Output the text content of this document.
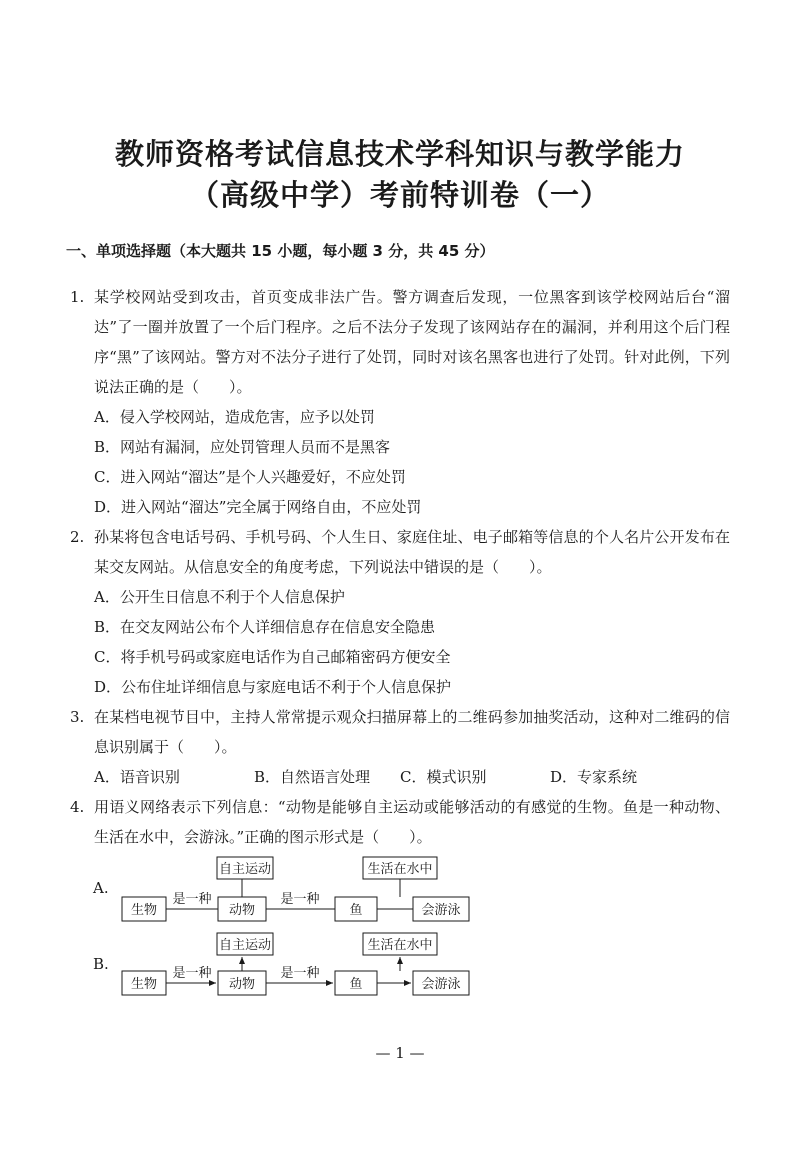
教师资格考试信息技术学科知识与教学能力
（高级中学）考前特训卷（一）
一、单项选择题（本大题共 15 小题，每小题 3 分，共 45 分）
1. 某学校网站受到攻击，首页变成非法广告。警方调查后发现，一位黑客到该学校网站后台“溜达”了一圈并放置了一个后门程序。之后不法分子发现了该网站存在的漏洞，并利用这个后门程序“黑”了该网站。警方对不法分子进行了处罚，同时对该名黑客也进行了处罚。针对此例，下列说法正确的是（　　）。
A．侵入学校网站，造成危害，应予以处罚
B．网站有漏洞，应处罚管理人员而不是黑客
C．进入网站“溜达”是个人兴趣爱好，不应处罚
D．进入网站“溜达”完全属于网络自由，不应处罚
2. 孙某将包含电话号码、手机号码、个人生日、家庭住址、电子邮箱等信息的个人名片公开发布在某交友网站。从信息安全的角度考虑，下列说法中错误的是（　　）。
A．公开生日信息不利于个人信息保护
B．在交友网站公布个人详细信息存在信息安全隐患
C．将手机号码或家庭电话作为自己邮箱密码方便安全
D．公布住址详细信息与家庭电话不利于个人信息保护
3. 在某档电视节目中，主持人常常提示观众扫描屏幕上的二维码参加抽奖活动，这种对二维码的信息识别属于（　　）。
A．语音识别	B．自然语言处理 C．模式识别	D．专家系统
4. 用语义网络表示下列信息：“动物是能够自主运动或能够活动的有感觉的生物。鱼是一种动物、生活在水中，会游泳。”正确的图示形式是（　　）。
A.
B.
自主运动	生活在水中
生物	动物	鱼	会游泳
是一种	是一种
自主运动	生活在水中
生物	动物	鱼	会游泳
是一种	是一种
— 1 —
